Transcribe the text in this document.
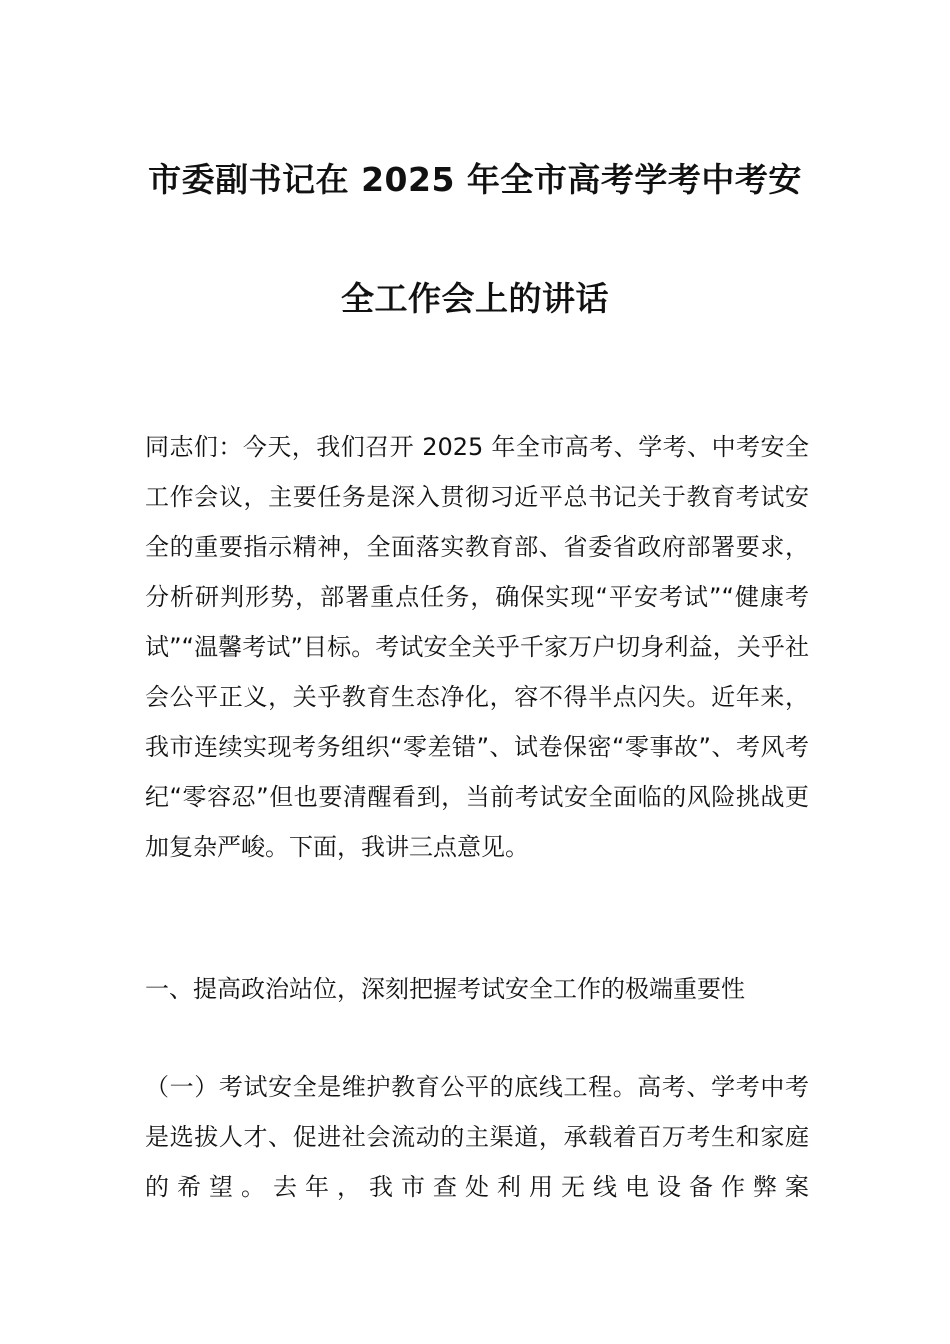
市委副书记在 2025 年全市高考学考中考安
全工作会上的讲话
同志们：今天，我们召开 2025 年全市高考、学考、中考安全工作会议，主要任务是深入贯彻习近平总书记关于教育考试安全的重要指示精神，全面落实教育部、省委省政府部署要求，分析研判形势，部署重点任务，确保实现“平安考试”“健康考试”“温馨考试”目标。考试安全关乎千家万户切身利益，关乎社会公平正义，关乎教育生态净化，容不得半点闪失。近年来，我市连续实现考务组织“零差错”、试卷保密“零事故”、考风考纪“零容忍”但也要清醒看到，当前考试安全面临的风险挑战更加复杂严峻。下面，我讲三点意见。
一、提高政治站位，深刻把握考试安全工作的极端重要性
（一）考试安全是维护教育公平的底线工程。高考、学考中考是选拔人才、促进社会流动的主渠道，承载着百万考生和家庭的希望。去年，我市查处利用无线电设备作弊案
